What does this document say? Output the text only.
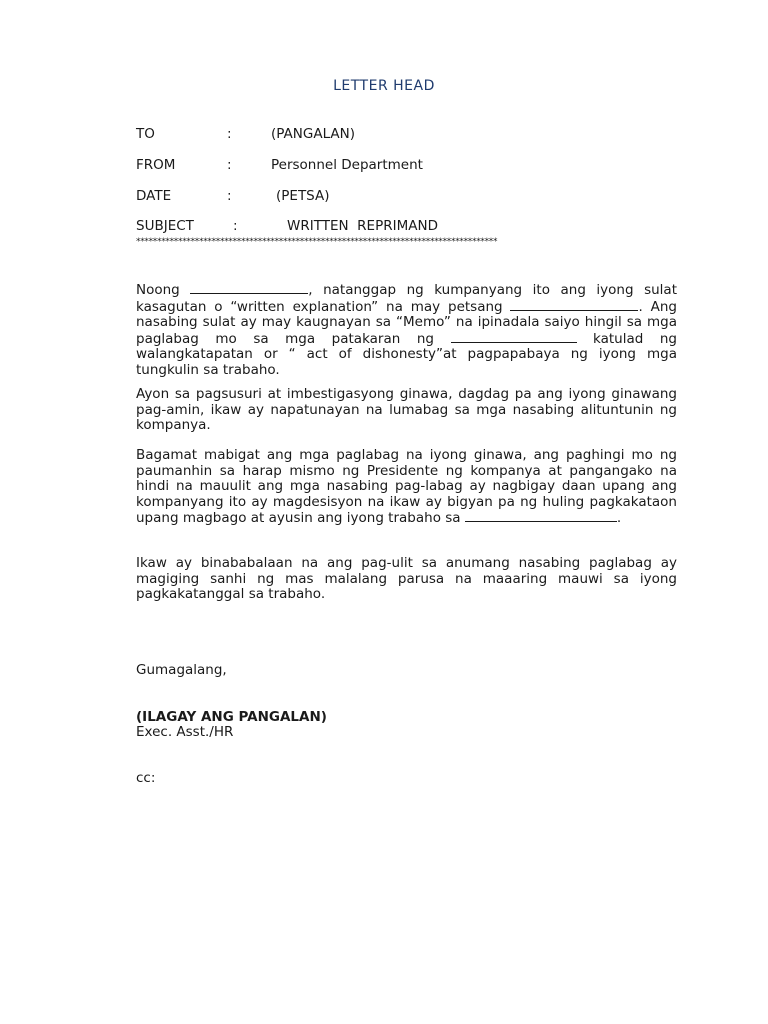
LETTER HEAD
TO	:	(PANGALAN)
FROM	:	Personnel Department
DATE	:	(PETSA)
SUBJECT	:	WRITTEN  REPRIMAND
**************************************************************************************

Noong	, natanggap ng kumpanyang ito ang iyong sulat kasagutan o “written explanation” na may petsang	. Ang nasabing sulat ay may kaugnayan sa “Memo” na ipinadala saiyo hingil sa mga paglabag mo sa mga patakaran ng	katulad ng walangkatapatan or “ act of dishonesty”at pagpapabaya ng iyong mga tungkulin sa trabaho.

Ayon sa pagsusuri at imbestigasyong ginawa, dagdag pa ang iyong ginawang pag-amin, ikaw ay napatunayan na lumabag sa mga nasabing alituntunin ng kompanya.

Bagamat mabigat ang mga paglabag na iyong ginawa, ang paghingi mo ng paumanhin sa harap mismo ng Presidente ng kompanya at pangangako na hindi na mauulit ang mga nasabing pag-labag ay nagbigay daan upang ang kompanyang ito ay magdesisyon na ikaw ay bigyan pa ng huling pagkakataon upang magbago at ayusin ang iyong trabaho sa	.

Ikaw ay binababalaan na ang pag-ulit sa anumang nasabing paglabag ay magiging sanhi ng mas malalang parusa na maaaring mauwi sa iyong pagkakatanggal sa trabaho.

Gumagalang,
(ILAGAY ANG PANGALAN)
Exec. Asst./HR
cc:
